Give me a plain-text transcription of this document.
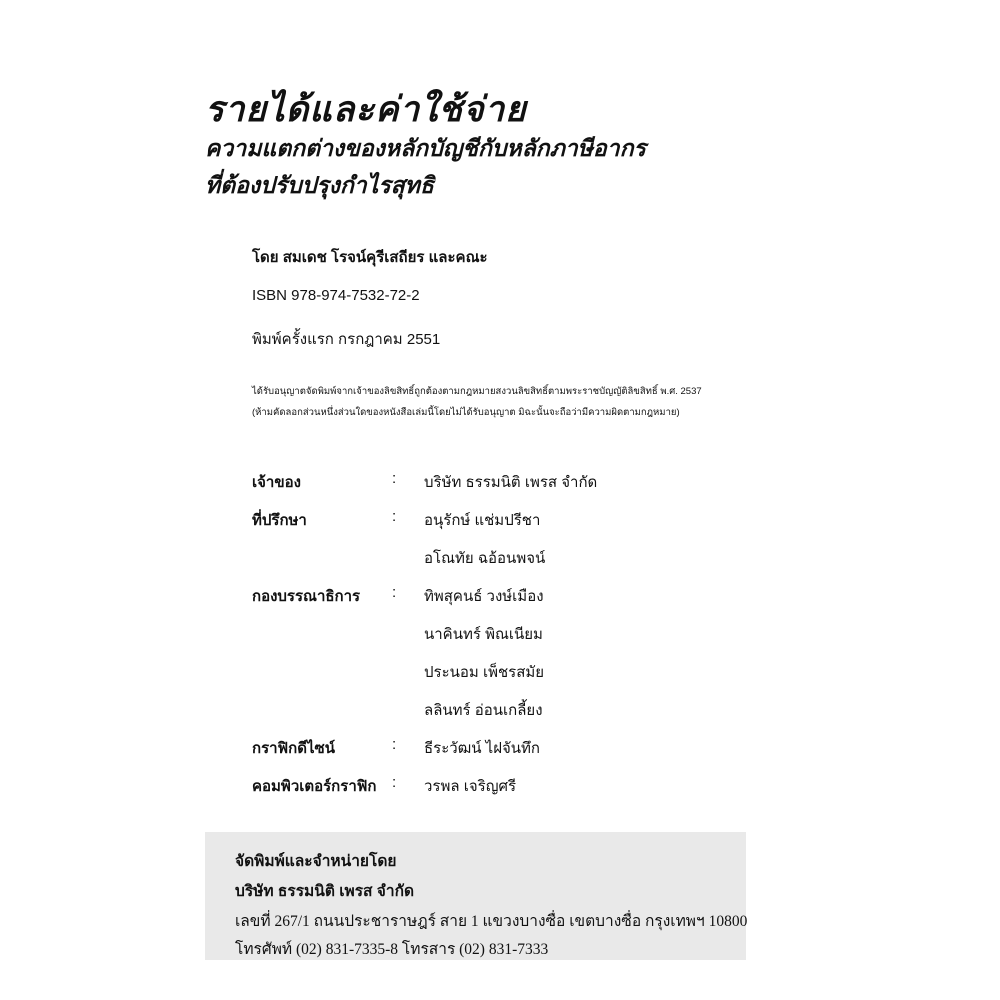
รายได้และค่าใช้จ่าย
ความแตกต่างของหลักบัญชีกับหลักภาษีอากร
ที่ต้องปรับปรุงกำไรสุทธิ
โดย สมเดช โรจน์คุรีเสถียร และคณะ
ISBN 978-974-7532-72-2
พิมพ์ครั้งแรก กรกฎาคม 2551
ได้รับอนุญาตจัดพิมพ์จากเจ้าของลิขสิทธิ์ถูกต้องตามกฎหมายสงวนลิขสิทธิ์ตามพระราชบัญญัติลิขสิทธิ์ พ.ศ. 2537
(ห้ามคัดลอกส่วนหนึ่งส่วนใดของหนังสือเล่มนี้โดยไม่ได้รับอนุญาต มิฉะนั้นจะถือว่ามีความผิดตามกฎหมาย)
เจ้าของ	: บริษัท ธรรมนิติ เพรส จำกัด
ที่ปรึกษา	: อนุรักษ์ แช่มปรีชา
อโณทัย ฉอ้อนพจน์
กองบรรณาธิการ : ทิพสุคนธ์ วงษ์เมือง
นาคินทร์ พิณเนียม
ประนอม เพ็ชรสมัย
ลลินทร์ อ่อนเกลี้ยง
กราฟิกดีไซน์	: ธีระวัฒน์ ไฝจันทึก
คอมพิวเตอร์กราฟิก : วรพล เจริญศรี
จัดพิมพ์และจำหน่ายโดย
บริษัท ธรรมนิติ เพรส จำกัด
เลขที่ 267/1 ถนนประชาราษฎร์ สาย 1 แขวงบางซื่อ เขตบางซื่อ กรุงเทพฯ 10800
โทรศัพท์ (02) 831-7335-8 โทรสาร (02) 831-7333
